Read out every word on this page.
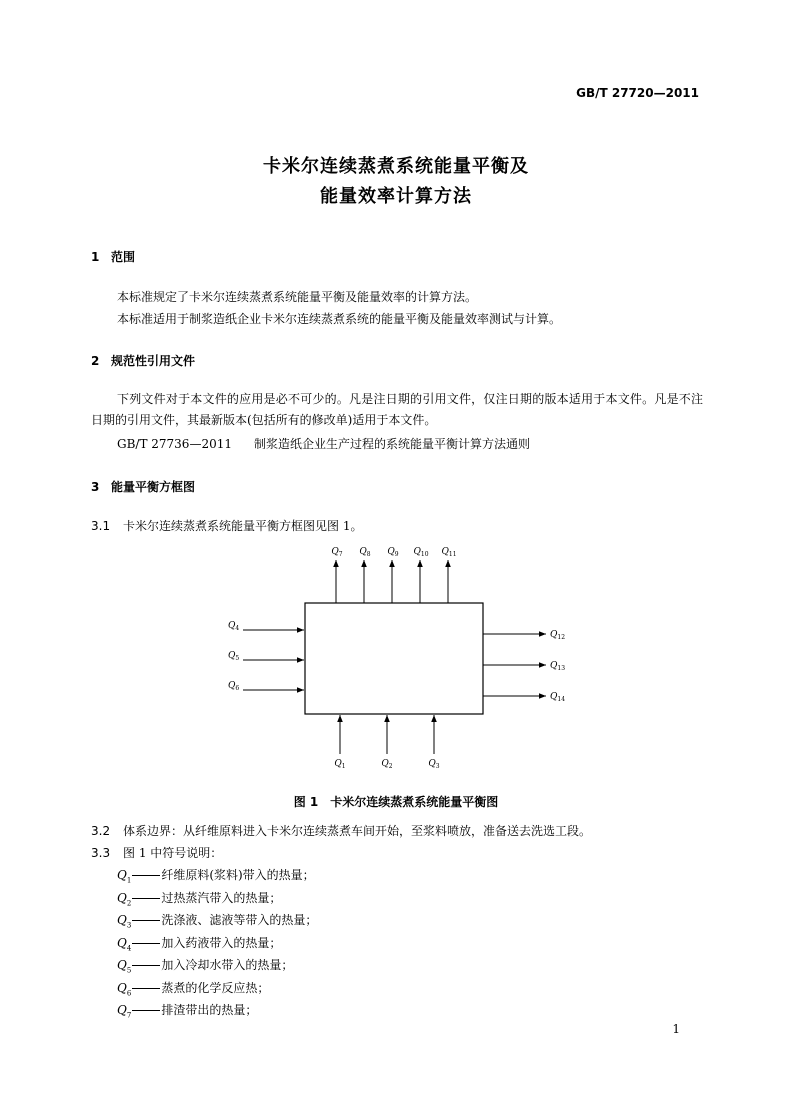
GB/T 27720—2011
卡米尔连续蒸煮系统能量平衡及
能量效率计算方法
1 范围
本标准规定了卡米尔连续蒸煮系统能量平衡及能量效率的计算方法。
本标准适用于制浆造纸企业卡米尔连续蒸煮系统的能量平衡及能量效率测试与计算。
2 规范性引用文件

下列文件对于本文件的应用是必不可少的。凡是注日期的引用文件，仅注日期的版本适用于本文件。凡是不注日期的引用文件，其最新版本(包括所有的修改单)适用于本文件。

GB/T 27736—2011 制浆造纸企业生产过程的系统能量平衡计算方法通则
3 能量平衡方框图
3.1 卡米尔连续蒸煮系统能量平衡方框图见图 1。
$Q_7$ $Q_8$ $Q_9$ $Q_{10}$ $Q_{11}$
$Q_4$
$Q_5$
$Q_6$
$Q_{12}$
$Q_{13}$
$Q_{14}$
$Q_1$	$Q_2$	$Q_3$
图 1　卡米尔连续蒸煮系统能量平衡图
3.2 体系边界：从纤维原料进入卡米尔连续蒸煮车间开始，至浆料喷放，准备送去洗选工段。
3.3 图 1 中符号说明：
$Q_1$	纤维原料(浆料)带入的热量；
$Q_2$	过热蒸汽带入的热量；
$Q_3$	洗涤液、滤液等带入的热量；
$Q_4$	加入药液带入的热量；
$Q_5$	加入冷却水带入的热量；
$Q_6$	蒸煮的化学反应热；
$Q_7$	排渣带出的热量；
1
